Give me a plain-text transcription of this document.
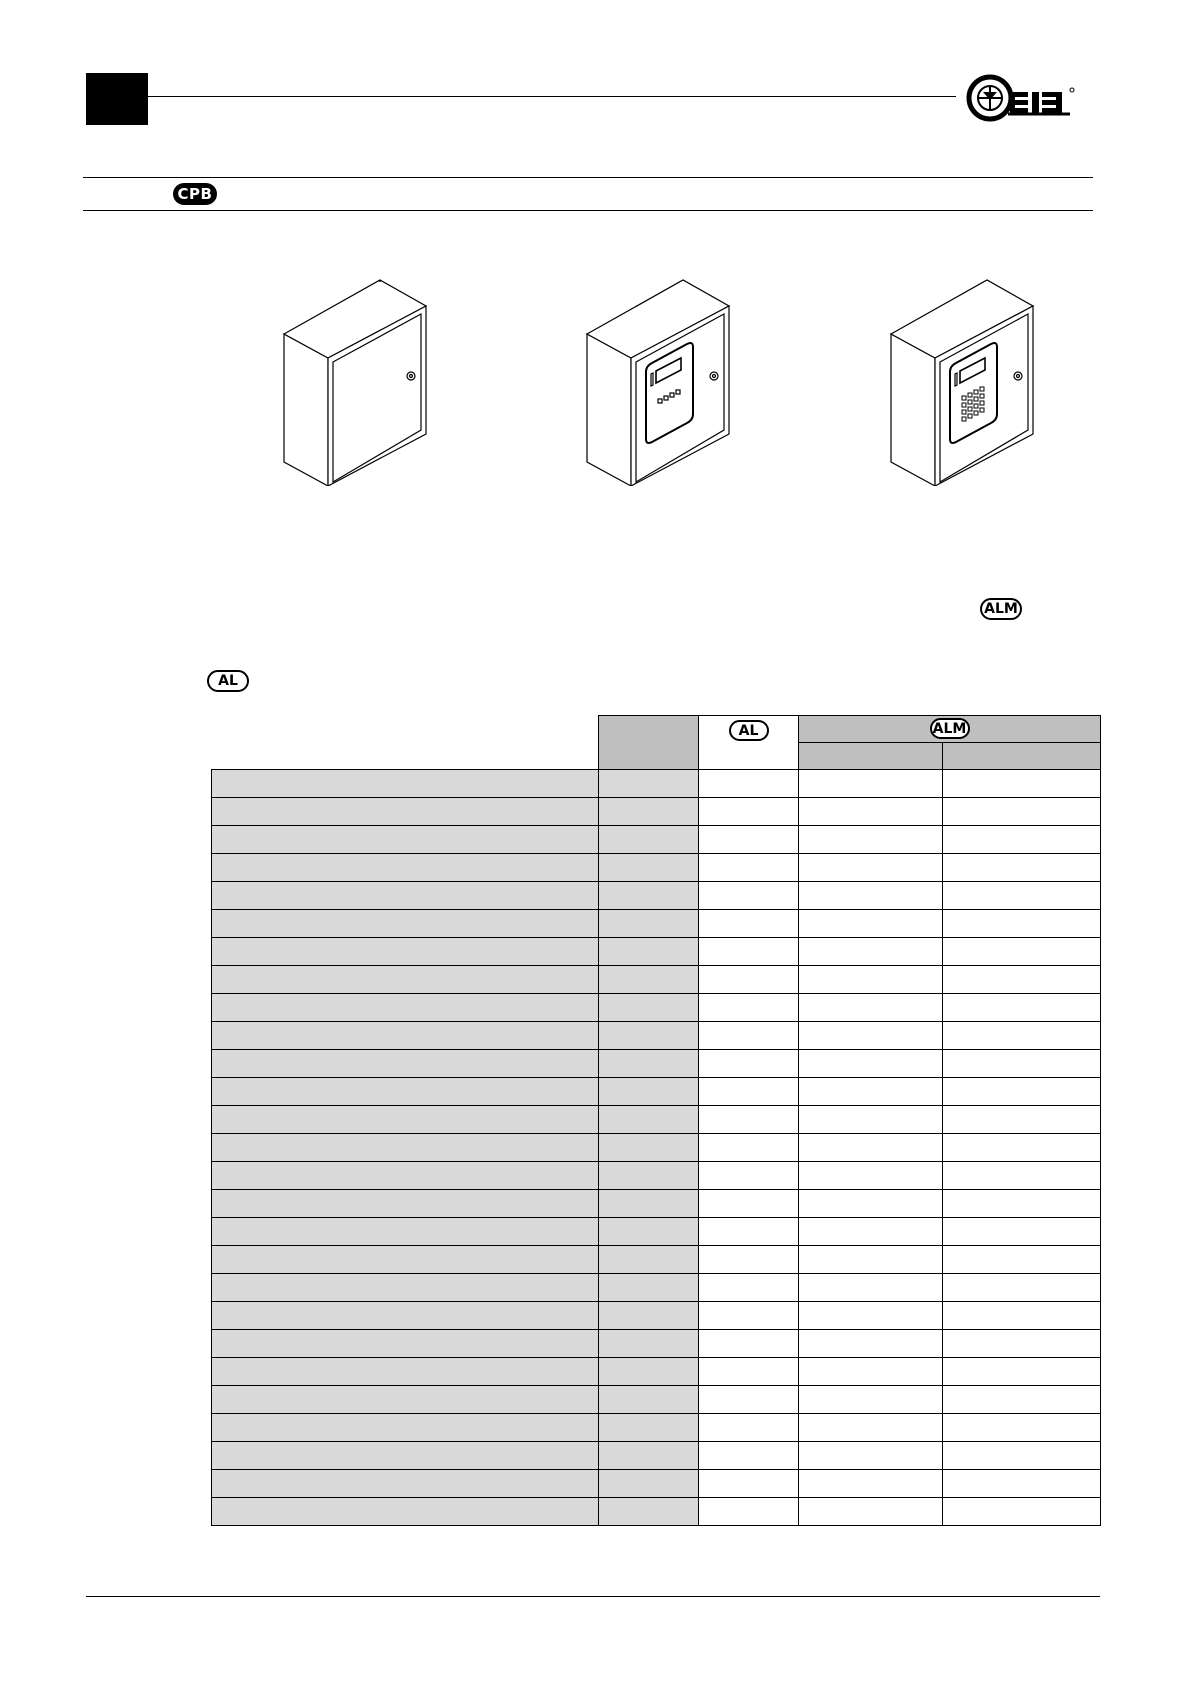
CPB
ALM
AL

AL	ALM	
